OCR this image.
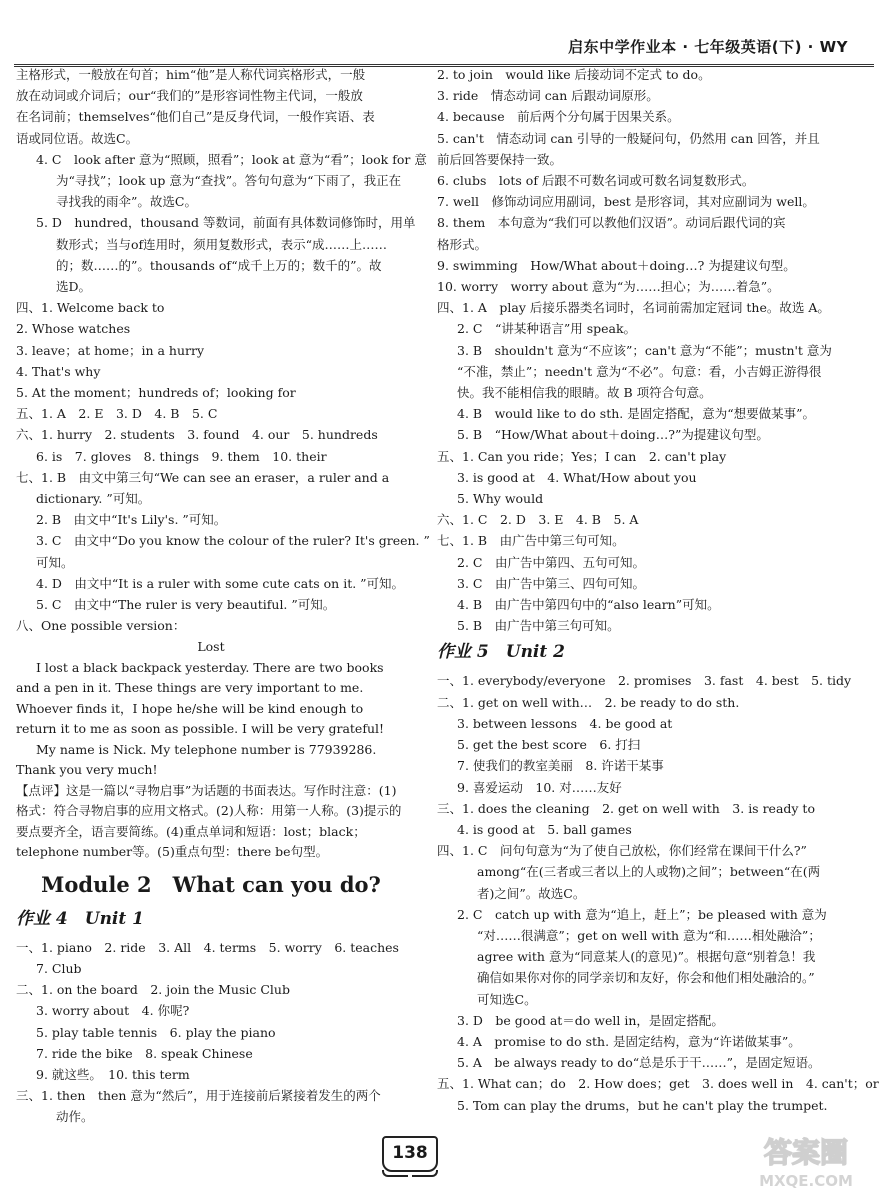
启东中学作业本 · 七年级英语(下) · WY
主格形式，一般放在句首；him“他”是人称代词宾格形式，一般
放在动词或介词后；our“我们的”是形容词性物主代词，一般放
在名词前；themselves“他们自己”是反身代词，一般作宾语、表
语或同位语。故选C。
4. C　look after 意为“照顾，照看”；look at 意为“看”；look for 意
为“寻找”；look up 意为“查找”。答句句意为“下雨了，我正在
寻找我的雨伞”。故选C。
5. D　hundred，thousand 等数词，前面有具体数词修饰时，用单
数形式；当与of连用时，须用复数形式，表示“成……上……
的；数……的”。thousands of“成千上万的；数千的”。故
选D。
四、1. Welcome back to
2. Whose watches
3. leave；at home；in a hurry
4. That's why
5. At the moment；hundreds of；looking for
五、1. A　2. E　3. D　4. B　5. C
六、1. hurry　2. students　3. found　4. our　5. hundreds
6. is　7. gloves　8. things　9. them　10. their
七、1. B　由文中第三句“We can see an eraser，a ruler and a
dictionary. ”可知。
2. B　由文中“It's Lily's. ”可知。
3. C　由文中“Do you know the colour of the ruler? It's green. ”
可知。
4. D　由文中“It is a ruler with some cute cats on it. ”可知。
5. C　由文中“The ruler is very beautiful. ”可知。
八、One possible version：
Lost
I lost a black backpack yesterday. There are two books and a pen in it. These things are very important to me. Whoever finds it，I hope he/she will be kind enough to return it to me as soon as possible. I will be very grateful!
My name is Nick. My telephone number is 77939286. Thank you very much!
【点评】这是一篇以“寻物启事”为话题的书面表达。写作时注意：(1)格式：符合寻物启事的应用文格式。(2)人称：用第一人称。(3)提示的要点要齐全，语言要简练。(4)重点单词和短语：lost；black；telephone number等。(5)重点句型：there be句型。
Module 2　What can you do?
作业 4　Unit 1
一、1. piano　2. ride　3. All　4. terms　5. worry　6. teaches
7. Club
二、1. on the board　2. join the Music Club
3. worry about　4. 你呢?
5. play table tennis　6. play the piano
7. ride the bike　8. speak Chinese
9. 就这些。　10. this term
三、1. then　then 意为“然后”，用于连接前后紧接着发生的两个
动作。
2. to join　would like 后接动词不定式 to do。
3. ride　情态动词 can 后跟动词原形。
4. because　前后两个分句属于因果关系。
5. can't　情态动词 can 引导的一般疑问句，仍然用 can 回答，并且
前后回答要保持一致。
6. clubs　lots of 后跟不可数名词或可数名词复数形式。
7. well　修饰动词应用副词，best 是形容词，其对应副词为 well。
8. them　本句意为“我们可以教他们汉语”。动词后跟代词的宾
格形式。
9. swimming　How/What about＋doing…? 为提建议句型。
10. worry　worry about 意为“为……担心；为……着急”。
四、1. A　play 后接乐器类名词时，名词前需加定冠词 the。故选 A。
2. C　“讲某种语言”用 speak。
3. B　shouldn't 意为“不应该”；can't 意为“不能”；mustn't 意为
“不准，禁止”；needn't 意为“不必”。句意：看，小吉姆正游得很
快。我不能相信我的眼睛。故 B 项符合句意。
4. B　would like to do sth. 是固定搭配，意为“想要做某事”。
5. B　“How/What about＋doing…?”为提建议句型。
五、1. Can you ride；Yes；I can　2. can't play
3. is good at　4. What/How about you
5. Why would
六、1. C　2. D　3. E　4. B　5. A
七、1. B　由广告中第三句可知。
2. C　由广告中第四、五句可知。
3. C　由广告中第三、四句可知。
4. B　由广告中第四句中的“also learn”可知。
5. B　由广告中第三句可知。
作业 5　Unit 2
一、1. everybody/everyone　2. promises　3. fast　4. best　5. tidy
二、1. get on well with…　2. be ready to do sth.
3. between lessons　4. be good at
5. get the best score　6. 打扫
7. 使我们的教室美丽　8. 许诺干某事
9. 喜爱运动　10. 对……友好
三、1. does the cleaning　2. get on well with　3. is ready to
4. is good at　5. ball games
四、1. C　问句句意为“为了使自己放松，你们经常在课间干什么?”
among“在(三者或三者以上的人或物)之间”；between“在(两
者)之间”。故选C。
2. C　catch up with 意为“追上，赶上”；be pleased with 意为
“对……很满意”；get on well with 意为“和……相处融洽”；
agree with 意为“同意某人(的意见)”。根据句意“别着急！我
确信如果你对你的同学亲切和友好，你会和他们相处融洽的。”
可知选C。
3. D　be good at＝do well in，是固定搭配。
4. A　promise to do sth. 是固定结构，意为“许诺做某事”。
5. A　be always ready to do“总是乐于干……”，是固定短语。
五、1. What can；do　2. How does；get　3. does well in　4. can't；or
5. Tom can play the drums，but he can't play the trumpet.
138	答案圈
MXQE.COM
